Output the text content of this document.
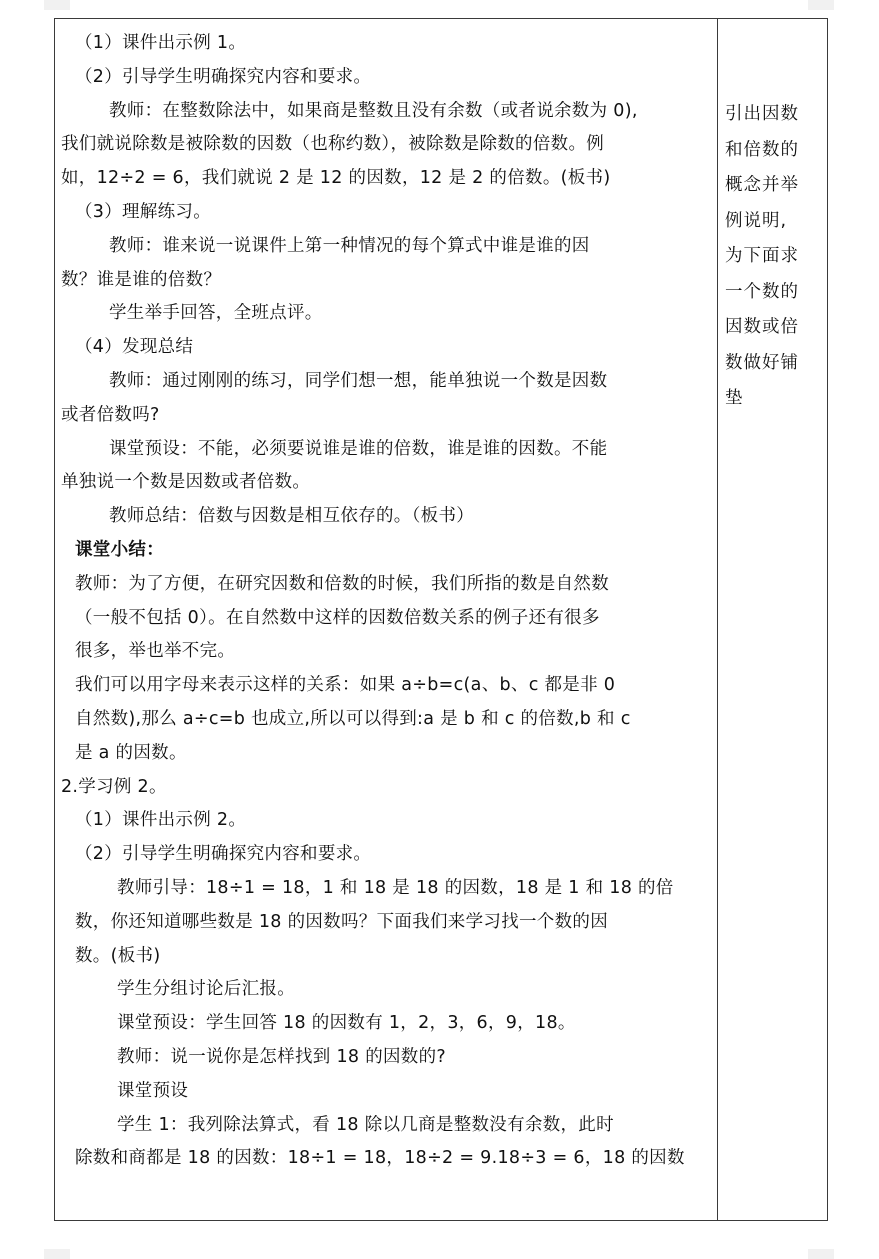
（1）课件出示例 1。
（2）引导学生明确探究内容和要求。
教师：在整数除法中，如果商是整数且没有余数（或者说余数为 0),
我们就说除数是被除数的因数（也称约数），被除数是除数的倍数。例
如，12÷2 = 6，我们就说 2 是 12 的因数，12 是 2 的倍数。(板书)
（3）理解练习。
教师：谁来说一说课件上第一种情况的每个算式中谁是谁的因
数？谁是谁的倍数？
学生举手回答，全班点评。
（4）发现总结
教师：通过刚刚的练习，同学们想一想，能单独说一个数是因数
或者倍数吗?
课堂预设：不能，必须要说谁是谁的倍数，谁是谁的因数。不能
单独说一个数是因数或者倍数。
教师总结：倍数与因数是相互依存的。（板书）
课堂小结：
教师：为了方便，在研究因数和倍数的时候，我们所指的数是自然数
（一般不包括 0）。在自然数中这样的因数倍数关系的例子还有很多
很多，举也举不完。
我们可以用字母来表示这样的关系：如果 a÷b=c(a、b、c 都是非 0
自然数),那么 a÷c=b 也成立,所以可以得到:a 是 b 和 c 的倍数,b 和 c
是 a 的因数。
2.学习例 2。
（1）课件出示例 2。
（2）引导学生明确探究内容和要求。
教师引导：18÷1 = 18，1 和 18 是 18 的因数，18 是 1 和 18 的倍
数，你还知道哪些数是 18 的因数吗？下面我们来学习找一个数的因
数。(板书)
学生分组讨论后汇报。
课堂预设：学生回答 18 的因数有 1，2，3，6，9，18。
教师：说一说你是怎样找到 18 的因数的?
课堂预设
学生 1：我列除法算式，看 18 除以几商是整数没有余数，此时
除数和商都是 18 的因数：18÷1 = 18，18÷2 = 9.18÷3 = 6，18 的因数
引出因数
和倍数的
概念并举
例说明,
为下面求
一个数的
因数或倍
数做好铺
垫
